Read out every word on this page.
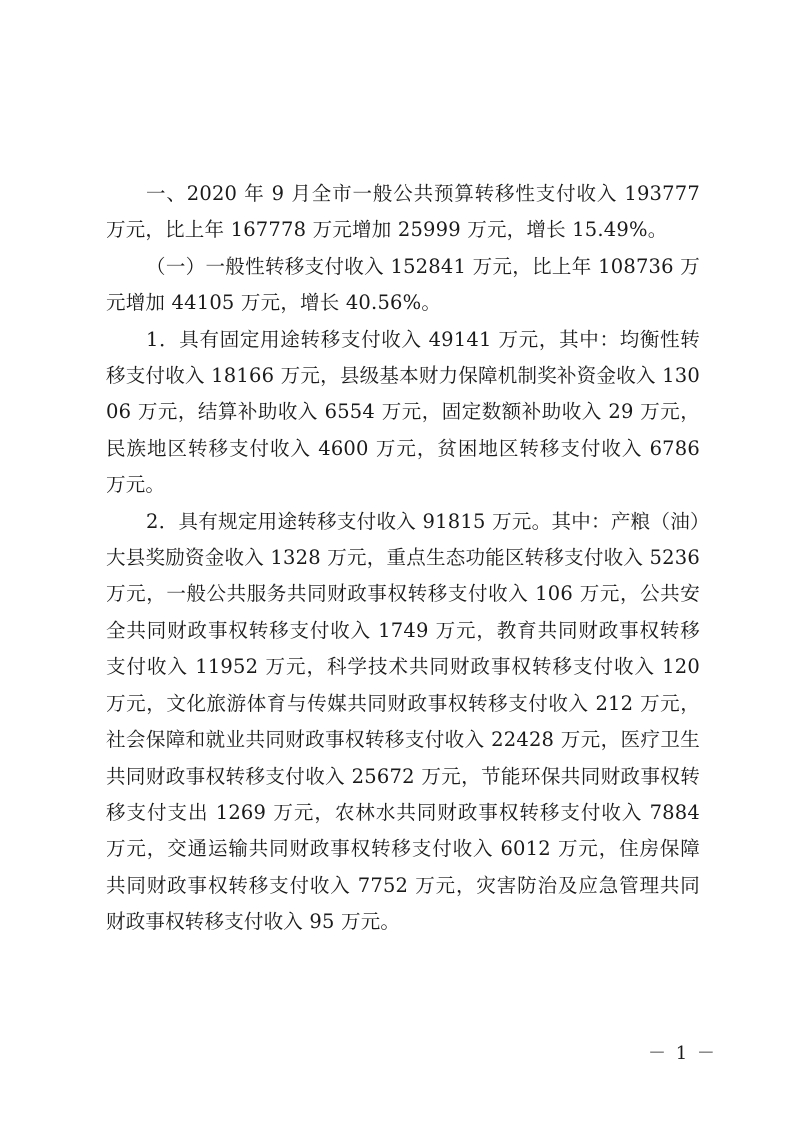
一、2020 年 9 月全市一般公共预算转移性支付收入 193777 万元，比上年 167778 万元增加 25999 万元，增长 15.49%。

（一）一般性转移支付收入 152841 万元，比上年 108736 万元增加 44105 万元，增长 40.56%。

1．具有固定用途转移支付收入 49141 万元，其中：均衡性转移支付收入 18166 万元，县级基本财力保障机制奖补资金收入 13006 万元，结算补助收入 6554 万元，固定数额补助收入 29 万元，民族地区转移支付收入 4600 万元，贫困地区转移支付收入 6786 万元。

2．具有规定用途转移支付收入 91815 万元。其中：产粮（油）大县奖励资金收入 1328 万元，重点生态功能区转移支付收入 5236 万元，一般公共服务共同财政事权转移支付收入 106 万元，公共安全共同财政事权转移支付收入 1749 万元，教育共同财政事权转移支付收入 11952 万元，科学技术共同财政事权转移支付收入 120 万元，文化旅游体育与传媒共同财政事权转移支付收入 212 万元，社会保障和就业共同财政事权转移支付收入 22428 万元，医疗卫生共同财政事权转移支付收入 25672 万元，节能环保共同财政事权转移支付支出 1269 万元，农林水共同财政事权转移支付收入 7884 万元，交通运输共同财政事权转移支付收入 6012 万元，住房保障共同财政事权转移支付收入 7752 万元，灾害防治及应急管理共同财政事权转移支付收入 95 万元。

－ 1 －
